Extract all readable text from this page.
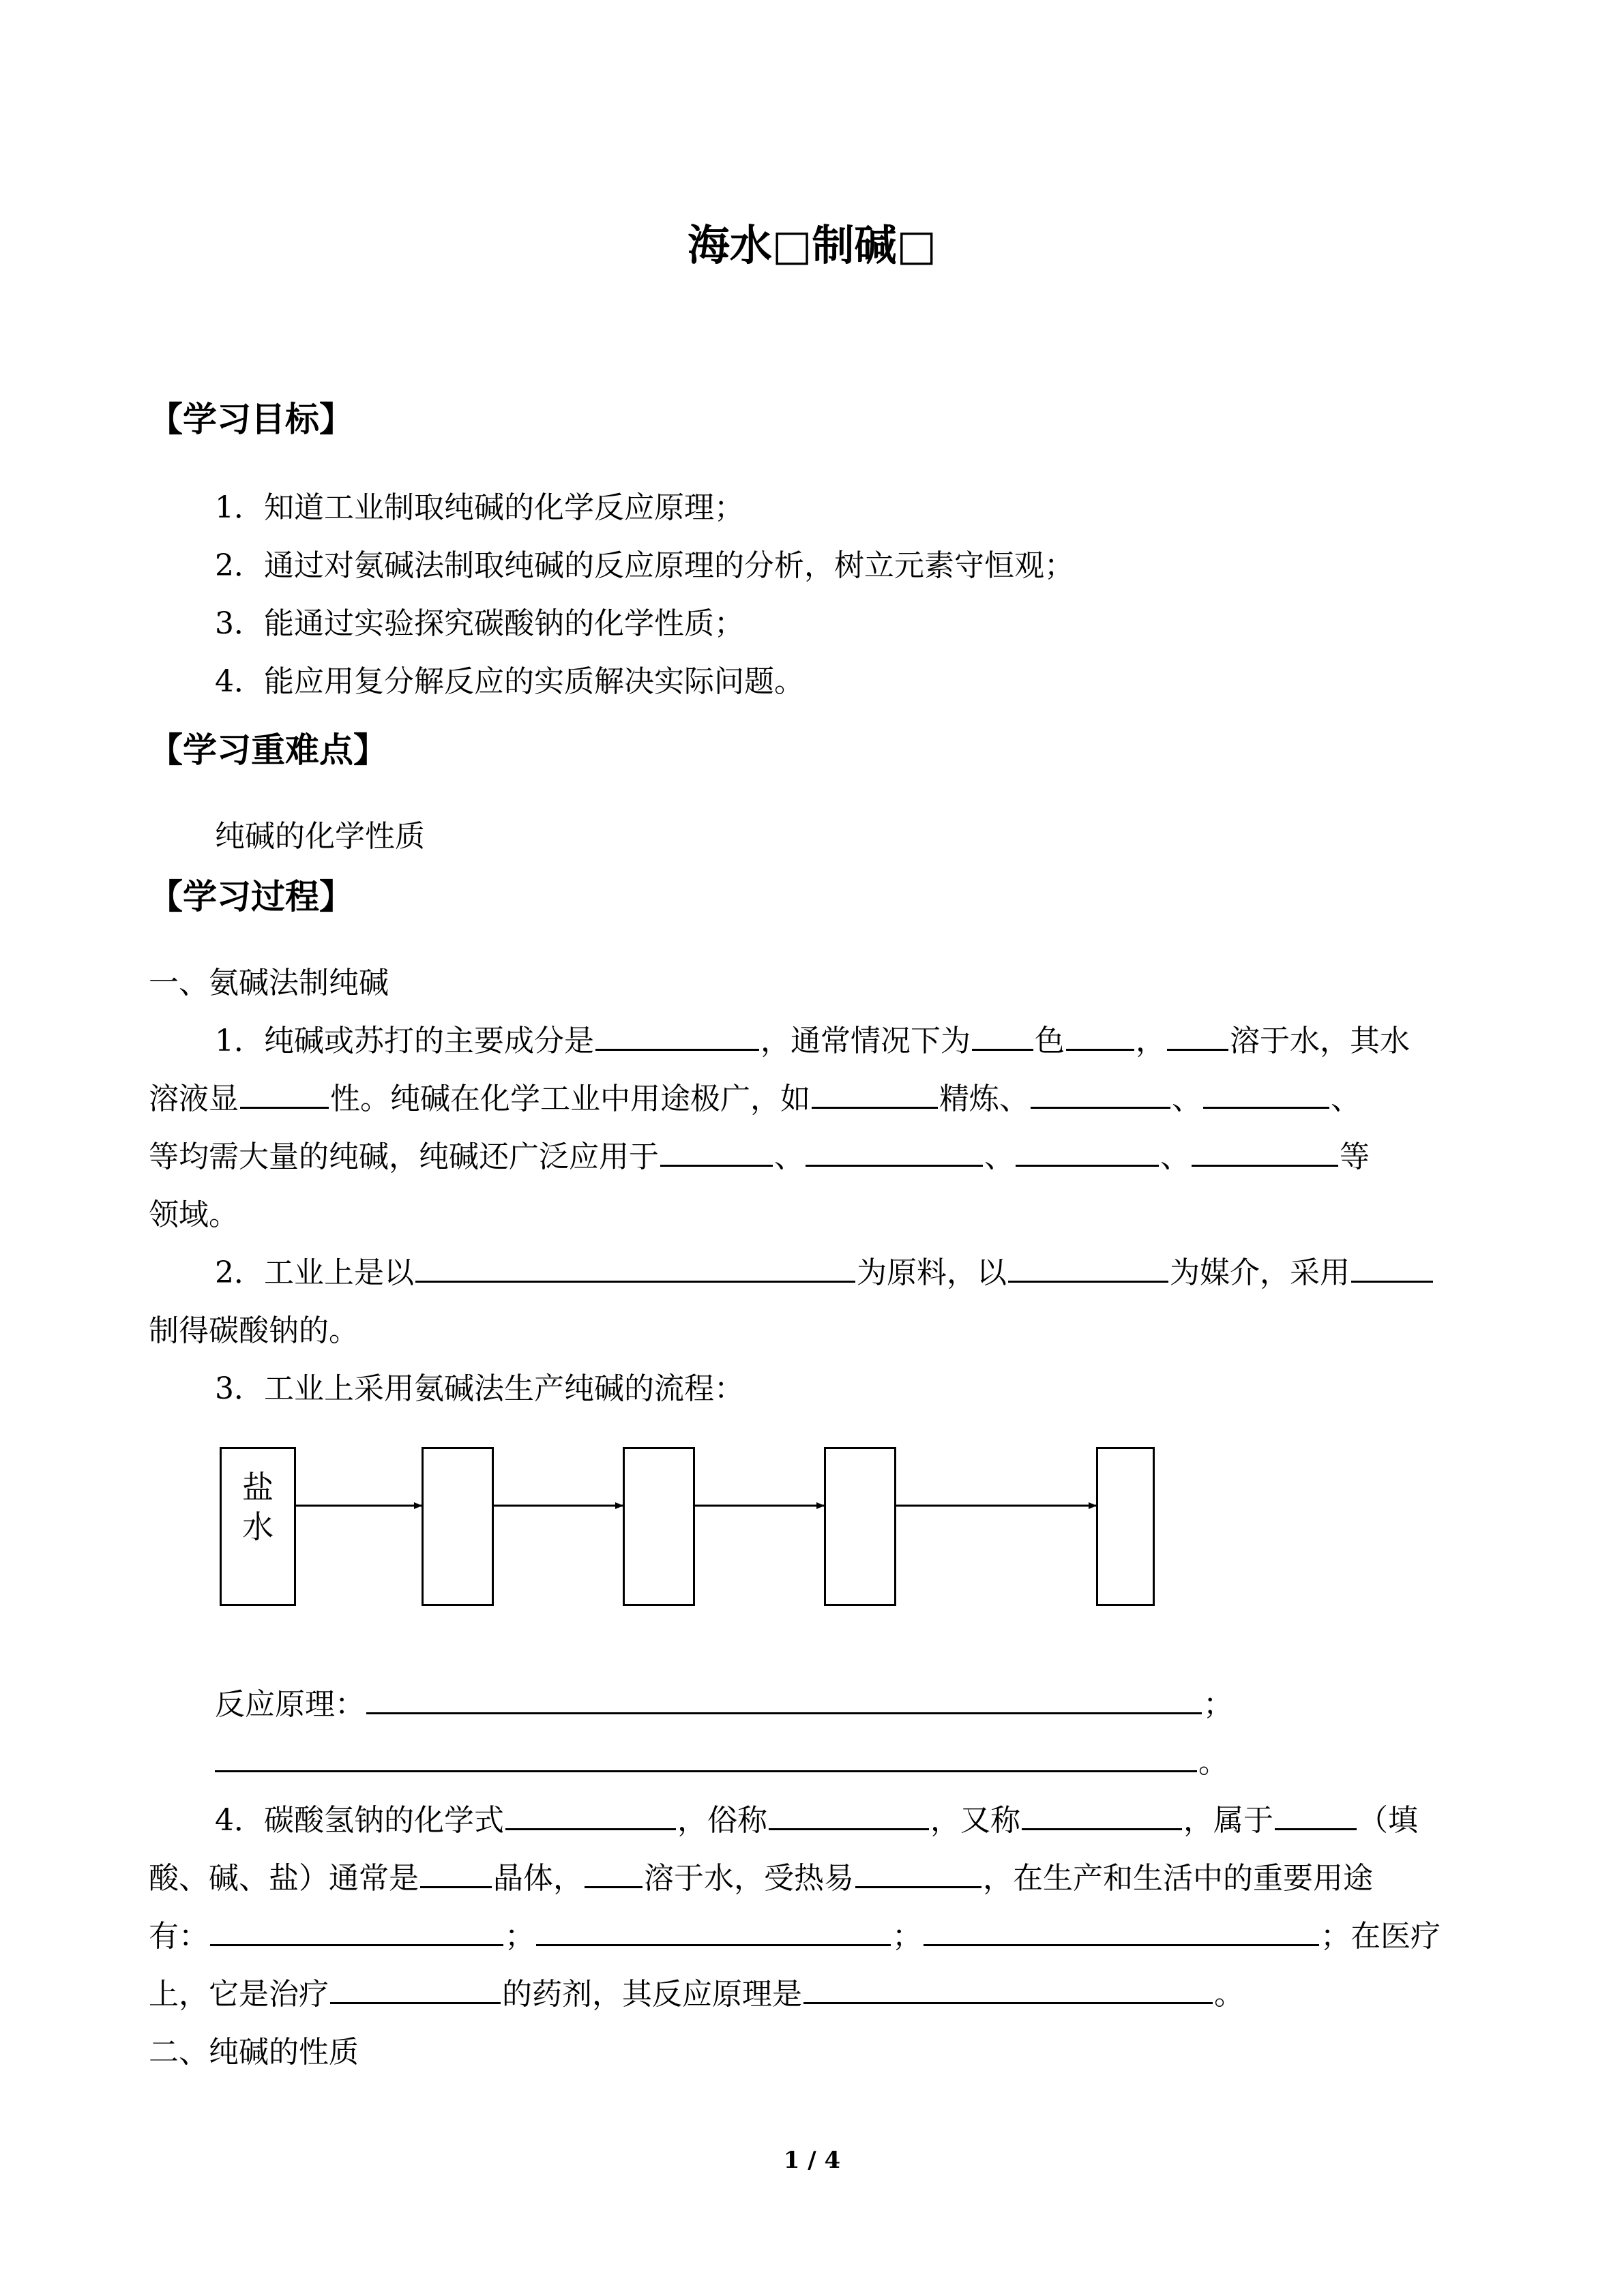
海水□制碱□
【学习目标】
1．知道工业制取纯碱的化学反应原理；
2．通过对氨碱法制取纯碱的反应原理的分析，树立元素守恒观；
3．能通过实验探究碳酸钠的化学性质；
4．能应用复分解反应的实质解决实际问题。
【学习重难点】
纯碱的化学性质
【学习过程】
一、氨碱法制纯碱
1．纯碱或苏打的主要成分是	，通常情况下为 色 ， 溶于水，其水
溶液显	性。纯碱在化学工业中用途极广，如	精炼、	、	、
等均需大量的纯碱，纯碱还广泛应用于	、	、	、	等
领域。
2．工业上是以	为原料，以	为媒介，采用
制得碳酸钠的。
3．工业上采用氨碱法生产纯碱的流程：
盐
水
反应原理：	；
。
4．碳酸氢钠的化学式	，俗称	，又称	，属于	（填
酸、碱、盐）通常是 晶体， 溶于水，受热易	，在生产和生活中的重要用途
有：	；	；	；在医疗
上，它是治疗	的药剂，其反应原理是	。
二、纯碱的性质
1 / 4
